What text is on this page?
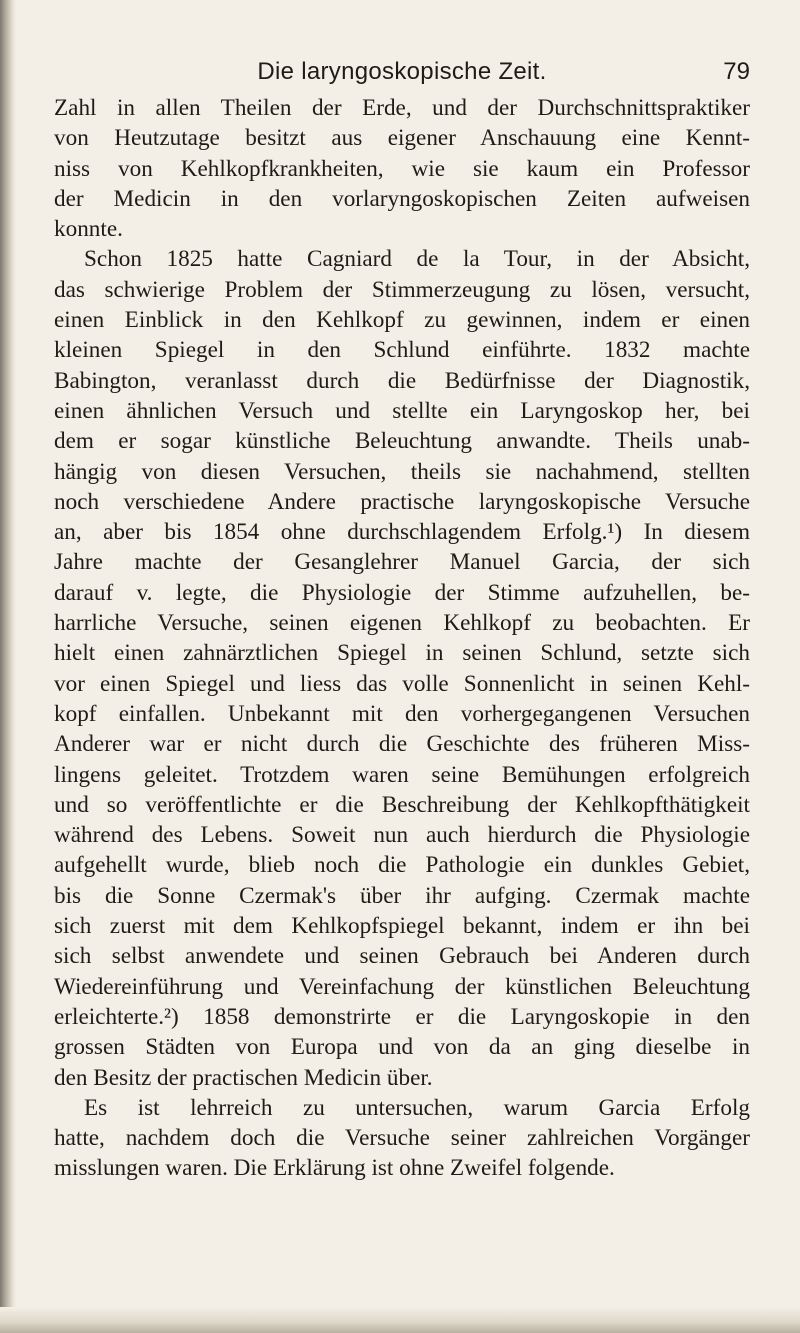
Die laryngoskopische Zeit.	79
Zahl in allen Theilen der Erde, und der Durchschnittspraktiker
von Heutzutage besitzt aus eigener Anschauung eine Kennt-
niss von Kehlkopfkrankheiten, wie sie kaum ein Professor
der Medicin in den vorlaryngoskopischen Zeiten aufweisen
konnte.
Schon 1825 hatte Cagniard de la Tour, in der Absicht,
das schwierige Problem der Stimmerzeugung zu lösen, versucht,
einen Einblick in den Kehlkopf zu gewinnen, indem er einen
kleinen Spiegel in den Schlund einführte. 1832 machte
Babington, veranlasst durch die Bedürfnisse der Diagnostik,
einen ähnlichen Versuch und stellte ein Laryngoskop her, bei
dem er sogar künstliche Beleuchtung anwandte. Theils unab-
hängig von diesen Versuchen, theils sie nachahmend, stellten
noch verschiedene Andere practische laryngoskopische Versuche
an, aber bis 1854 ohne durchschlagendem Erfolg.¹) In diesem
Jahre machte der Gesanglehrer Manuel Garcia, der sich
darauf v. legte, die Physiologie der Stimme aufzuhellen, be-
harrliche Versuche, seinen eigenen Kehlkopf zu beobachten. Er
hielt einen zahnärztlichen Spiegel in seinen Schlund, setzte sich
vor einen Spiegel und liess das volle Sonnenlicht in seinen Kehl-
kopf einfallen. Unbekannt mit den vorhergegangenen Versuchen
Anderer war er nicht durch die Geschichte des früheren Miss-
lingens geleitet. Trotzdem waren seine Bemühungen erfolgreich
und so veröffentlichte er die Beschreibung der Kehlkopfthätigkeit
während des Lebens. Soweit nun auch hierdurch die Physiologie
aufgehellt wurde, blieb noch die Pathologie ein dunkles Gebiet,
bis die Sonne Czermak's über ihr aufging. Czermak machte
sich zuerst mit dem Kehlkopfspiegel bekannt, indem er ihn bei
sich selbst anwendete und seinen Gebrauch bei Anderen durch
Wiedereinführung und Vereinfachung der künstlichen Beleuchtung
erleichterte.²) 1858 demonstrirte er die Laryngoskopie in den
grossen Städten von Europa und von da an ging dieselbe in
den Besitz der practischen Medicin über.
Es ist lehrreich zu untersuchen, warum Garcia Erfolg
hatte, nachdem doch die Versuche seiner zahlreichen Vorgänger
misslungen waren. Die Erklärung ist ohne Zweifel folgende.
